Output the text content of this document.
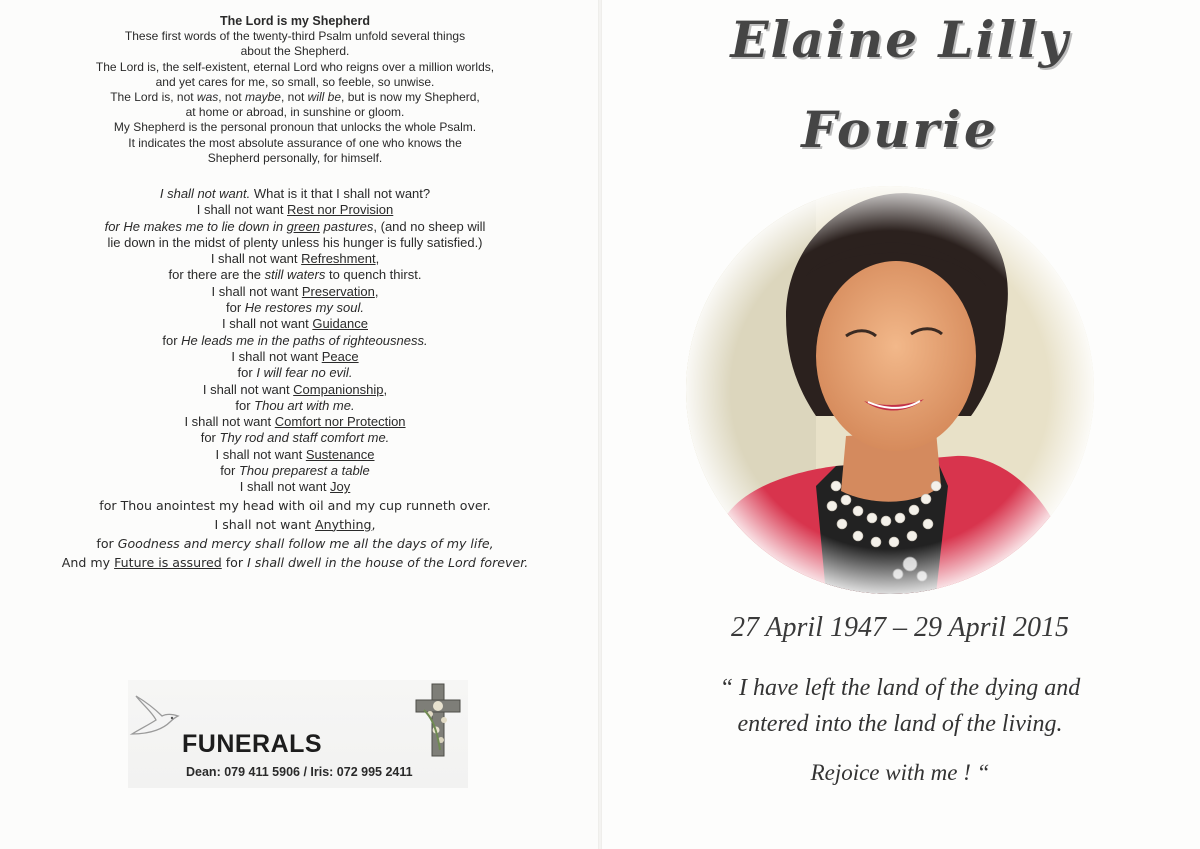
The Lord is my Shepherd
These first words of the twenty-third Psalm unfold several things
about the Shepherd.
The Lord is, the self-existent, eternal Lord who reigns over a million worlds,
and yet cares for me, so small, so feeble, so unwise.
The Lord is, not was, not maybe, not will be, but is now my Shepherd,
at home or abroad, in sunshine or gloom.
My Shepherd is the personal pronoun that unlocks the whole Psalm.
It indicates the most absolute assurance of one who knows the
Shepherd personally, for himself.
I shall not want. What is it that I shall not want?
I shall not want Rest nor Provision
for He makes me to lie down in green pastures, (and no sheep will
lie down in the midst of plenty unless his hunger is fully satisfied.)
I shall not want Refreshment,
for there are the still waters to quench thirst.
I shall not want Preservation,
for He restores my soul.
I shall not want Guidance
for He leads me in the paths of righteousness.
I shall not want Peace
for I will fear no evil.
I shall not want Companionship,
for Thou art with me.
I shall not want Comfort nor Protection
for Thy rod and staff comfort me.
I shall not want Sustenance
for Thou preparest a table
I shall not want Joy
for Thou anointest my head with oil and my cup runneth over.
I shall not want Anything,
for Goodness and mercy shall follow me all the days of my life,
And my Future is assured for I shall dwell in the house of the Lord forever.
FUNERALS
Dean: 079 411 5906 / Iris: 072 995 2411
Elaine Lilly
Fourie
27 April 1947 – 29 April 2015
“ I have left the land of the dying and
entered into the land of the living.
Rejoice with me ! “
